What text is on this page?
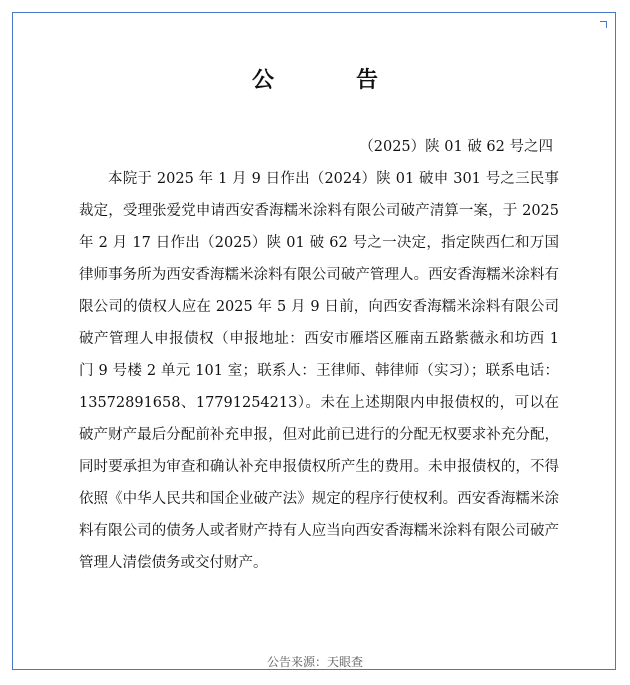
公　告
（2025）陕 01 破 62 号之四
本院于 2025 年 1 月 9 日作出（2024）陕 01 破申 301 号之三民事裁定，受理张爱党申请西安香海糯米涂料有限公司破产清算一案，于 2025 年 2 月 17 日作出（2025）陕 01 破 62 号之一决定，指定陕西仁和万国律师事务所为西安香海糯米涂料有限公司破产管理人。西安香海糯米涂料有限公司的债权人应在 2025 年 5 月 9 日前，向西安香海糯米涂料有限公司破产管理人申报债权（申报地址：西安市雁塔区雁南五路紫薇永和坊西 1 门 9 号楼 2 单元 101 室；联系人：王律师、韩律师（实习）；联系电话：13572891658、17791254213）。未在上述期限内申报债权的，可以在破产财产最后分配前补充申报，但对此前已进行的分配无权要求补充分配，同时要承担为审查和确认补充申报债权所产生的费用。未申报债权的，不得依照《中华人民共和国企业破产法》规定的程序行使权利。西安香海糯米涂料有限公司的债务人或者财产持有人应当向西安香海糯米涂料有限公司破产管理人清偿债务或交付财产。
公告来源：天眼查
